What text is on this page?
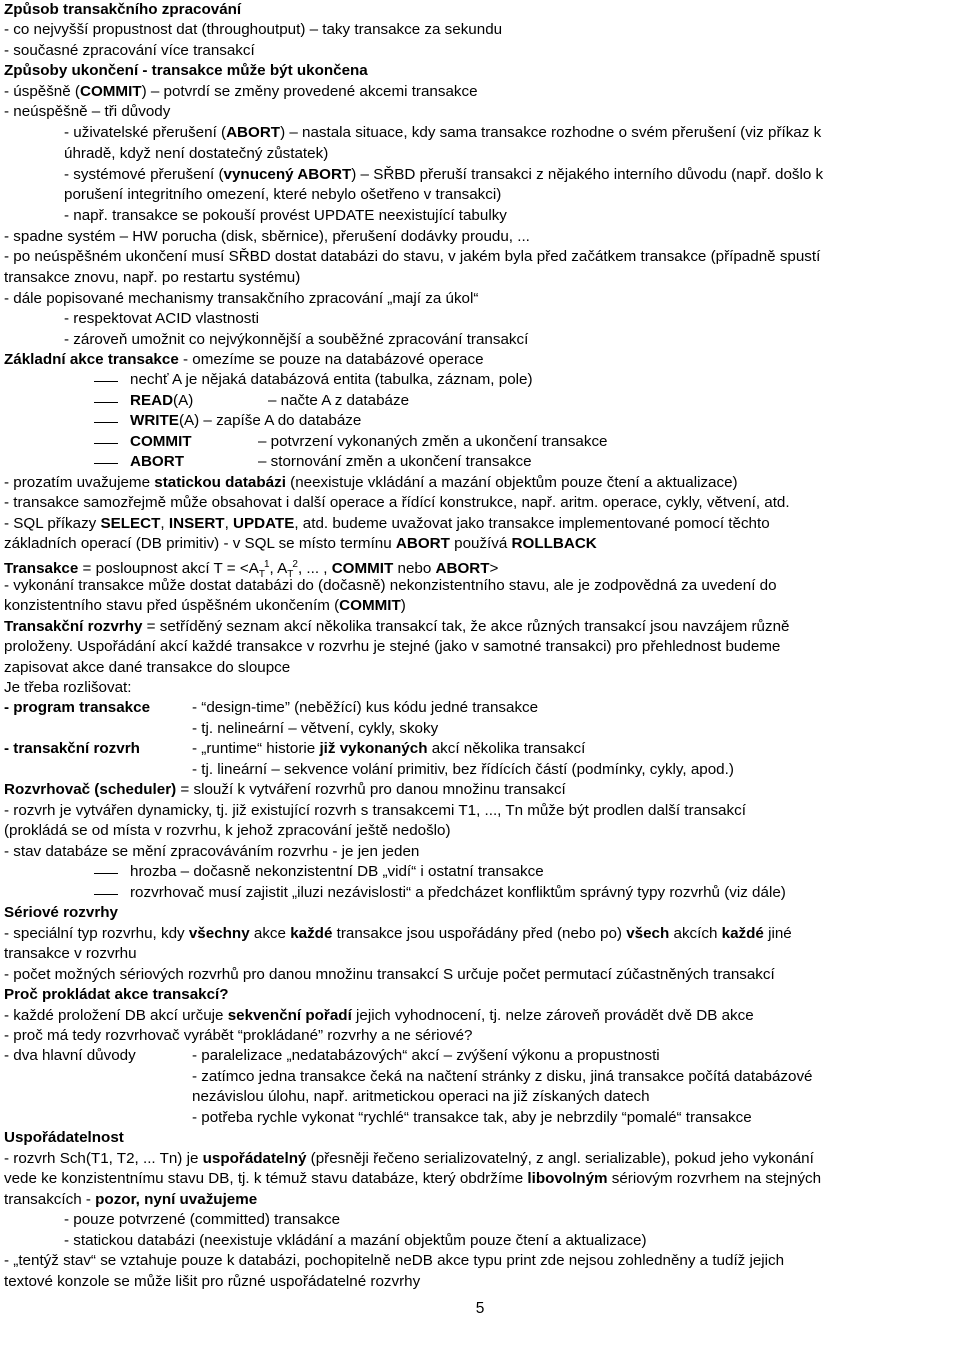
Způsob transakčního zpracování
- co nejvyšší propustnost dat (throughoutput) – taky transakce za sekundu
- současné zpracování více transakcí
Způsoby ukončení - transakce může být ukončena
- úspěšně (COMMIT) – potvrdí se změny provedené akcemi transakce
- neúspěšně – tři důvody
- uživatelské přerušení (ABORT) – nastala situace, kdy sama transakce rozhodne o svém přerušení (viz příkaz k
úhradě, když není dostatečný zůstatek)
- systémové přerušení (vynucený ABORT) – SŘBD přeruší transakci z nějakého interního důvodu (např. došlo k
porušení integritního omezení, které nebylo ošetřeno v transakci)
- např. transakce se pokouší provést UPDATE neexistující tabulky
- spadne systém – HW porucha (disk, sběrnice), přerušení dodávky proudu, ...
- po neúspěšném ukončení musí SŘBD dostat databázi do stavu, v jakém byla před začátkem transakce (případně spustí
transakce znovu, např. po restartu systému)
- dále popisované mechanismy transakčního zpracování „mají za úkol“
- respektovat ACID vlastnosti
- zároveň umožnit co nejvýkonnější a souběžné zpracování transakcí
Základní akce transakce - omezíme se pouze na databázové operace
nechť A je nějaká databázová entita (tabulka, záznam, pole)
READ(A)
WRITE(A) – zapíše A do databáze
COMMIT
ABORT
- prozatím uvažujeme statickou databázi (neexistuje vkládání a mazání objektům pouze čtení a aktualizace)
- transakce samozřejmě může obsahovat i další operace a řídící konstrukce, např. aritm. operace, cykly, větvení, atd.
- SQL příkazy SELECT, INSERT, UPDATE, atd. budeme uvažovat jako transakce implementované pomocí těchto
základních operací (DB primitiv) - v SQL se místo termínu ABORT používá ROLLBACK
Transakce = posloupnost akcí $T = <A_T^1$, $A_T^2$, ... , COMMIT nebo ABORT>
- vykonání transakce může dostat databázi do (dočasně) nekonzistentního stavu, ale je zodpovědná za uvedení do
konzistentního stavu před úspěšném ukončením (COMMIT)
Transakční rozvrhy = setříděný seznam akcí několika transakcí tak, že akce různých transakcí jsou navzájem různě
proloženy. Uspořádání akcí každé transakce v rozvrhu je stejné (jako v samotné transakci) pro přehlednost budeme
zapisovat akce dané transakce do sloupce
Je třeba rozlišovat:
- program transakce
- tj. nelineární – větvení, cykly, skoky
- transakční rozvrh
- tj. lineární – sekvence volání primitiv, bez řídících částí (podmínky, cykly, apod.)
Rozvrhovač (scheduler) = slouží k vytváření rozvrhů pro danou množinu transakcí
- rozvrh je vytvářen dynamicky, tj. již existující rozvrh s transakcemi T1, ..., Tn může být prodlen další transakcí
(prokládá se od místa v rozvrhu, k jehož zpracování ještě nedošlo)
- stav databáze se mění zpracováváním rozvrhu - je jen jeden
hrozba – dočasně nekonzistentní DB „vidí“ i ostatní transakce
rozvrhovač musí zajistit „iluzi nezávislosti“ a předcházet konfliktům správný typy rozvrhů (viz dále)
Sériové rozvrhy
- speciální typ rozvrhu, kdy všechny akce každé transakce jsou uspořádány před (nebo po) všech akcích každé jiné
transakce v rozvrhu
- počet možných sériových rozvrhů pro danou množinu transakcí S určuje počet permutací zúčastněných transakcí
Proč prokládat akce transakcí?
- každé proložení DB akcí určuje sekvenční pořadí jejich vyhodnocení, tj. nelze zároveň provádět dvě DB akce
- proč má tedy rozvrhovač vyrábět “prokládané” rozvrhy a ne sériové?
- dva hlavní důvody
- zatímco jedna transakce čeká na načtení stránky z disku, jiná transakce počítá databázové
nezávislou úlohu, např. aritmetickou operaci na již získaných datech
- potřeba rychle vykonat “rychlé“ transakce tak, aby je nebrzdily “pomalé“ transakce
Uspořádatelnost
- rozvrh Sch(T1, T2, ... Tn) je uspořádatelný (přesněji řečeno serializovatelný, z angl. serializable), pokud jeho vykonání
vede ke konzistentnímu stavu DB, tj. k témuž stavu databáze, který obdržíme libovolným sériovým rozvrhem na stejných
transakcích - pozor, nyní uvažujeme
- pouze potvrzené (committed) transakce
- statickou databázi (neexistuje vkládání a mazání objektům pouze čtení a aktualizace)
- „tentýž stav“ se vztahuje pouze k databázi, pochopitelně neDB akce typu print zde nejsou zohledněny a tudíž jejich
textové konzole se může lišit pro různé uspořádatelné rozvrhy
– načte A z databáze
– potvrzení vykonaných změn a ukončení transakce
– stornování změn a ukončení transakce
- “design-time” (neběžící) kus kódu jedné transakce
- „runtime“ historie již vykonaných akcí několika transakcí
- paralelizace „nedatabázových“ akcí – zvýšení výkonu a propustnosti
5
